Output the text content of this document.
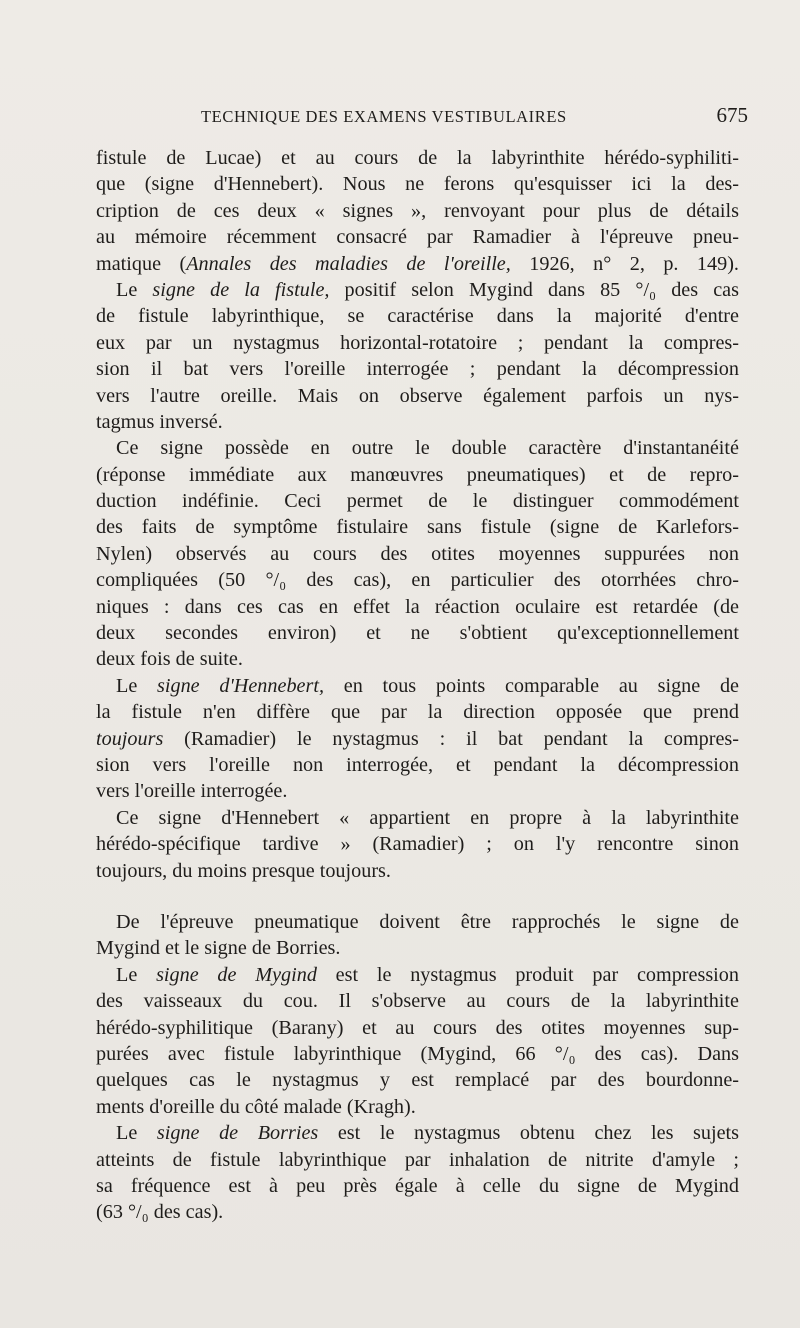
TECHNIQUE DES EXAMENS VESTIBULAIRES	675
fistule de Lucae) et au cours de la labyrinthite hérédo-syphiliti-
que (signe d'Hennebert). Nous ne ferons qu'esquisser ici la des-
cription de ces deux « signes », renvoyant pour plus de détails
au mémoire récemment consacré par Ramadier à l'épreuve pneu-
matique (Annales des maladies de l'oreille, 1926, n° 2, p. 149).
Le signe de la fistule, positif selon Mygind dans 85 °/₀ des cas
de fistule labyrinthique, se caractérise dans la majorité d'entre
eux par un nystagmus horizontal-rotatoire ; pendant la compres-
sion il bat vers l'oreille interrogée ; pendant la décompression
vers l'autre oreille. Mais on observe également parfois un nys-
tagmus inversé.
Ce signe possède en outre le double caractère d'instantanéité
(réponse immédiate aux manœuvres pneumatiques) et de repro-
duction indéfinie. Ceci permet de le distinguer commodément
des faits de symptôme fistulaire sans fistule (signe de Karlefors-
Nylen) observés au cours des otites moyennes suppurées non
compliquées (50 °/₀ des cas), en particulier des otorrhées chro-
niques : dans ces cas en effet la réaction oculaire est retardée (de
deux secondes environ) et ne s'obtient qu'exceptionnellement
deux fois de suite.
Le signe d'Hennebert, en tous points comparable au signe de
la fistule n'en diffère que par la direction opposée que prend
toujours (Ramadier) le nystagmus : il bat pendant la compres-
sion vers l'oreille non interrogée, et pendant la décompression
vers l'oreille interrogée.
Ce signe d'Hennebert « appartient en propre à la labyrinthite
hérédo-spécifique tardive » (Ramadier) ; on l'y rencontre sinon
toujours, du moins presque toujours.
De l'épreuve pneumatique doivent être rapprochés le signe de
Mygind et le signe de Borries.
Le signe de Mygind est le nystagmus produit par compression
des vaisseaux du cou. Il s'observe au cours de la labyrinthite
hérédo-syphilitique (Barany) et au cours des otites moyennes sup-
purées avec fistule labyrinthique (Mygind, 66 °/₀ des cas). Dans
quelques cas le nystagmus y est remplacé par des bourdonne-
ments d'oreille du côté malade (Kragh).
Le signe de Borries est le nystagmus obtenu chez les sujets
atteints de fistule labyrinthique par inhalation de nitrite d'amyle ;
sa fréquence est à peu près égale à celle du signe de Mygind
(63 °/₀ des cas).
